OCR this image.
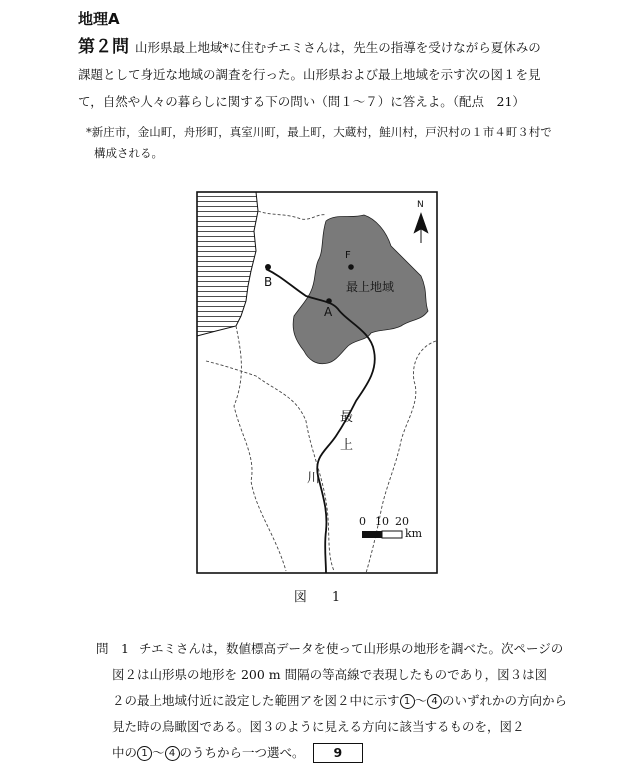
地理A
第２問 山形県最上地域*に住むチエミさんは，先生の指導を受けながら夏休みの
課題として身近な地域の調査を行った。山形県および最上地域を示す次の図１を見
て，自然や人々の暮らしに関する下の問い（問１～７）に答えよ。（配点　21）
*新庄市，金山町，舟形町，真室川町，最上町，大蔵村，鮭川村，戸沢村の１市４町３村で
構成される。
B
F
最上地域
A
最
上
川
0 10 20
km
N
図　1
問　1 チエミさんは，数値標高データを使って山形県の地形を調べた。次ページの
図２は山形県の地形を 200 m 間隔の等高線で表現したものであり，図３は図
２の最上地域付近に設定した範囲アを図２中に示す 1 ～ 4 のいずれかの方向から
見た時の鳥瞰図である。図３のように見える方向に該当するものを，図２
中の 1 ～ 4 のうちから一つ選べ。 9
